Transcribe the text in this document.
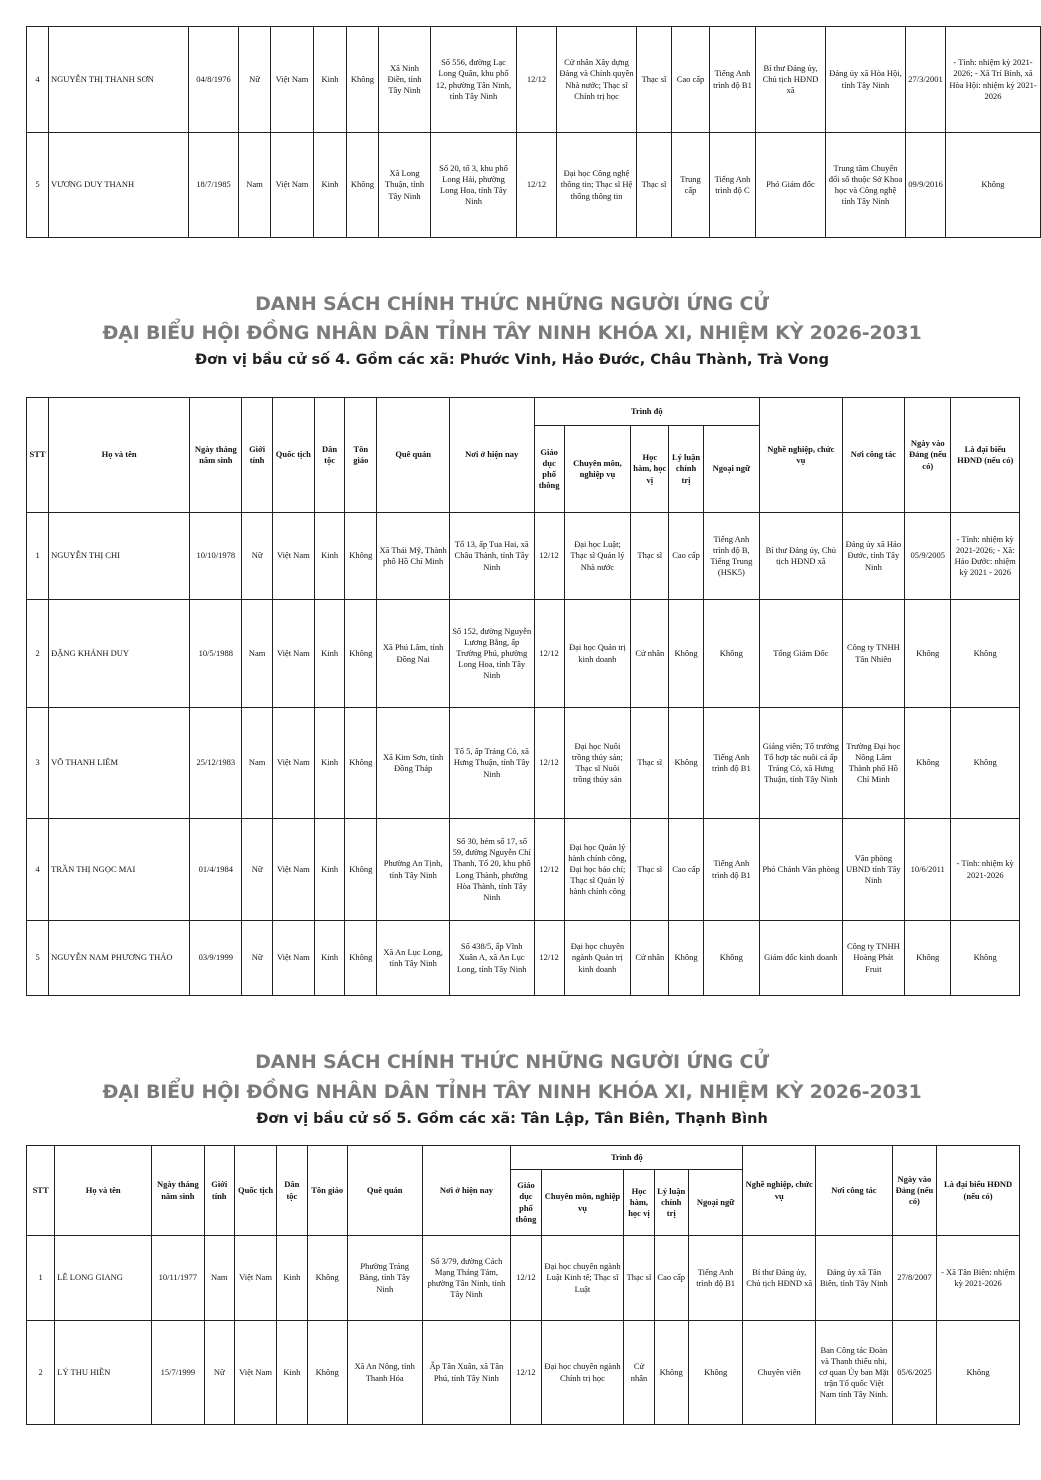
4	NGUYỄN THỊ THANH SƠN	04/8/1976	Nữ	Việt Nam	Kinh	Không	Xã Ninh Điền, tỉnh Tây Ninh	Số 556, đường Lạc Long Quân, khu phố 12, phường Tân Ninh, tỉnh Tây Ninh	12/12	Cử nhân Xây dựng Đảng và Chính quyền Nhà nước; Thạc sĩ Chính trị học	Thạc sĩ	Cao cấp	Tiếng Anh trình độ B1	Bí thư Đảng ủy, Chủ tịch HĐND xã	Đảng ủy xã Hòa Hội, tỉnh Tây Ninh	27/3/2001	- Tỉnh: nhiệm kỳ 2021-2026; - Xã Trí Bình, xã Hòa Hội: nhiệm kỳ 2021-2026
5	VƯƠNG DUY THANH	18/7/1985	Nam	Việt Nam	Kinh	Không	Xã Long Thuận, tỉnh Tây Ninh	Số 20, tổ 3, khu phố Long Hải, phường Long Hoa, tỉnh Tây Ninh	12/12	Đại học Công nghệ thông tin; Thạc sĩ Hệ thống thông tin	Thạc sĩ	Trung cấp	Tiếng Anh trình độ C	Phó Giám đốc	Trung tâm Chuyển đổi số thuộc Sở Khoa học và Công nghệ tỉnh Tây Ninh	09/9/2016	Không
DANH SÁCH CHÍNH THỨC NHỮNG NGƯỜI ỨNG CỬ
ĐẠI BIỂU HỘI ĐỒNG NHÂN DÂN TỈNH TÂY NINH KHÓA XI, NHIỆM KỲ 2026-2031
Đơn vị bầu cử số 4. Gồm các xã: Phước Vinh, Hảo Đước, Châu Thành, Trà Vong
STT	Họ và tên	Ngày tháng năm sinh	Giới tính	Quốc tịch	Dân tộc	Tôn giáo	Quê quán	Nơi ở hiện nay	Trình độ					Nghề nghiệp, chức vụ	Nơi công tác	Ngày vào Đảng (nếu có)	Là đại biểu HĐND (nếu có)
									Giáo dục phổ thông	Chuyên môn, nghiệp vụ	Học hàm, học vị	Lý luận chính trị	Ngoại ngữ				
1	NGUYỄN THỊ CHI	10/10/1978	Nữ	Việt Nam	Kinh	Không	Xã Thái Mỹ, Thành phố Hồ Chí Minh	Tổ 13, ấp Tua Hai, xã Châu Thành, tỉnh Tây Ninh	12/12	Đại học Luật; Thạc sĩ Quản lý Nhà nước	Thạc sĩ	Cao cấp	Tiếng Anh trình độ B, Tiếng Trung (HSK5)	Bí thư Đảng ủy, Chủ tịch HĐND xã	Đảng ủy xã Hảo Đước, tỉnh Tây Ninh	05/9/2005	- Tỉnh: nhiệm kỳ 2021-2026; - Xã: Hảo Đước: nhiệm kỳ 2021 - 2026
2	ĐẶNG KHÁNH DUY	10/5/1988	Nam	Việt Nam	Kinh	Không	Xã Phú Lâm, tỉnh Đồng Nai	Số 152, đường Nguyễn Lương Bằng, ấp Trường Phú, phường Long Hoa, tỉnh Tây Ninh	12/12	Đại học Quản trị kinh doanh	Cử nhân	Không	Không	Tổng Giám Đốc	Công ty TNHH Tân Nhiên	Không	Không
3	VÕ THANH LIÊM	25/12/1983	Nam	Việt Nam	Kinh	Không	Xã Kim Sơn, tỉnh Đồng Tháp	Tổ 5, ấp Trảng Cỏ, xã Hưng Thuận, tỉnh Tây Ninh	12/12	Đại học Nuôi trồng thủy sản; Thạc sĩ Nuôi trồng thủy sản	Thạc sĩ	Không	Tiếng Anh trình độ B1	Giảng viên; Tổ trưởng Tổ hợp tác nuôi cá ấp Trảng Cỏ, xã Hưng Thuận, tỉnh Tây Ninh	Trường Đại học Nông Lâm Thành phố Hồ Chí Minh	Không	Không
4	TRẦN THỊ NGỌC MAI	01/4/1984	Nữ	Việt Nam	Kinh	Không	Phường An Tịnh, tỉnh Tây Ninh	Số 30, hẻm số 17, số 59, đường Nguyễn Chí Thanh, Tổ 20, khu phố Long Thành, phường Hòa Thành, tỉnh Tây Ninh	12/12	Đại học Quản lý hành chính công, Đại học báo chí; Thạc sĩ Quản lý hành chính công	Thạc sĩ	Cao cấp	Tiếng Anh trình độ B1	Phó Chánh Văn phòng	Văn phòng UBND tỉnh Tây Ninh	10/6/2011	- Tỉnh: nhiệm kỳ 2021-2026
5	NGUYỄN NAM PHƯƠNG THẢO	03/9/1999	Nữ	Việt Nam	Kinh	Không	Xã An Lục Long, tỉnh Tây Ninh	Số 438/5, ấp Vĩnh Xuân A, xã An Lục Long, tỉnh Tây Ninh	12/12	Đại học chuyên ngành Quản trị kinh doanh	Cử nhân	Không	Không	Giám đốc kinh doanh	Công ty TNHH Hoàng Phát Fruit	Không	Không
DANH SÁCH CHÍNH THỨC NHỮNG NGƯỜI ỨNG CỬ
ĐẠI BIỂU HỘI ĐỒNG NHÂN DÂN TỈNH TÂY NINH KHÓA XI, NHIỆM KỲ 2026-2031
Đơn vị bầu cử số 5. Gồm các xã: Tân Lập, Tân Biên, Thạnh Bình
STT	Họ và tên	Ngày tháng năm sinh	Giới tính	Quốc tịch	Dân tộc	Tôn giáo	Quê quán	Nơi ở hiện nay	Trình độ					Nghề nghiệp, chức vụ	Nơi công tác	Ngày vào Đảng (nếu có)	Là đại biểu HĐND (nếu có)
									Giáo dục phổ thông	Chuyên môn, nghiệp vụ	Học hàm, học vị	Lý luận chính trị	Ngoại ngữ				
1	LÊ LONG GIANG	10/11/1977	Nam	Việt Nam	Kinh	Không	Phường Trảng Bàng, tỉnh Tây Ninh	Số 3/79, đường Cách Mạng Tháng Tám, phường Tân Ninh, tỉnh Tây Ninh	12/12	Đại học chuyên ngành Luật Kinh tế; Thạc sĩ Luật	Thạc sĩ	Cao cấp	Tiếng Anh trình độ B1	Bí thư Đảng ủy, Chủ tịch HĐND xã	Đảng ủy xã Tân Biên, tỉnh Tây Ninh	27/8/2007	- Xã Tân Biên: nhiệm kỳ 2021-2026
2	LÝ THU HIỀN	15/7/1999	Nữ	Việt Nam	Kinh	Không	Xã An Nông, tỉnh Thanh Hóa	Ấp Tân Xuân, xã Tân Phú, tỉnh Tây Ninh	12/12	Đại học chuyên ngành Chính trị học	Cử nhân	Không	Không	Chuyên viên	Ban Công tác Đoàn và Thanh thiếu nhi, cơ quan Ủy ban Mặt trận Tổ quốc Việt Nam tỉnh Tây Ninh.	05/6/2025	Không
